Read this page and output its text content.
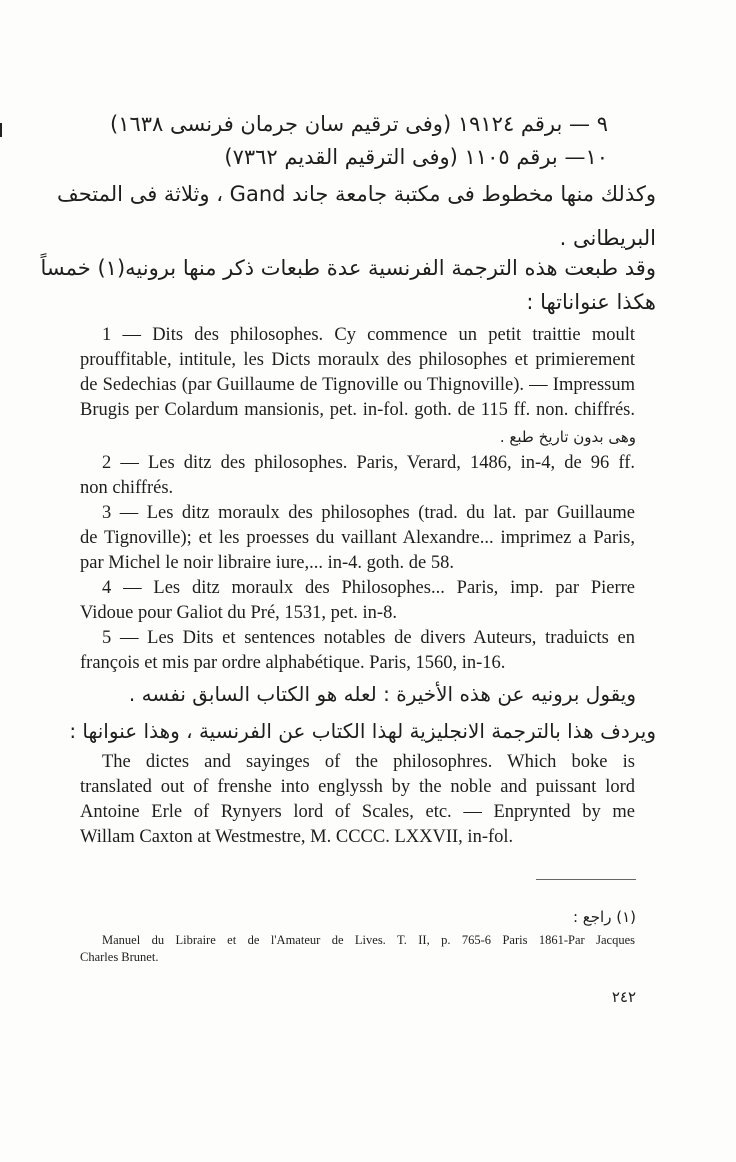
٩ — برقم ١٩١٢٤ (وفى ترقيم سان جرمان فرنسى ١٦٣٨)
١٠— برقم ١١٠٥ (وفى الترقيم القديم ٧٣٦٢)
وكذلك منها مخطوط فى مكتبة جامعة جاند Gand ، وثلاثة فى المتحف
البريطانى .
وقد طبعت هذه الترجمة الفرنسية عدة طبعات ذكر منها برونيه(١) خمساً
هكذا عنواناتها :
1 — Dits des philosophes. Cy commence un petit traittie moult
prouffitable, intitule, les Dicts moraulx des philosophes et primierement
de Sedechias (par Guillaume de Tignoville ou Thignoville). — Impressum
Brugis per Colardum mansionis, pet. in-fol. goth. de 115 ff. non. chiffrés.
وهى بدون تاريخ طبع .
2 — Les ditz des philosophes. Paris, Verard, 1486, in-4, de 96 ff.
non chiffrés.
3 — Les ditz moraulx des philosophes (trad. du lat. par Guillaume
de Tignoville); et les proesses du vaillant Alexandre... imprimez a Paris,
par Michel le noir libraire iure,... in-4. goth. de 58.
4 — Les ditz moraulx des Philosophes... Paris, imp. par Pierre
Vidoue pour Galiot du Pré, 1531, pet. in-8.
5 — Les Dits et sentences notables de divers Auteurs, traduicts en
françois et mis par ordre alphabétique. Paris, 1560, in-16.
ويقول برونيه عن هذه الأخيرة : لعله هو الكتاب السابق نفسه .
ويردف هذا بالترجمة الانجليزية لهذا الكتاب عن الفرنسية ، وهذا عنوانها :
The dictes and sayinges of the philosophres. Which boke is
translated out of frenshe into englyssh by the noble and puissant lord
Antoine Erle of Rynyers lord of Scales, etc. — Enprynted by me
Willam Caxton at Westmestre, M. CCCC. LXXVII, in-fol.
(١) راجع :
Manuel du Libraire et de l'Amateur de Lives. T. II, p. 765-6 Paris 1861-Par Jacques
Charles Brunet.
٢٤٢
